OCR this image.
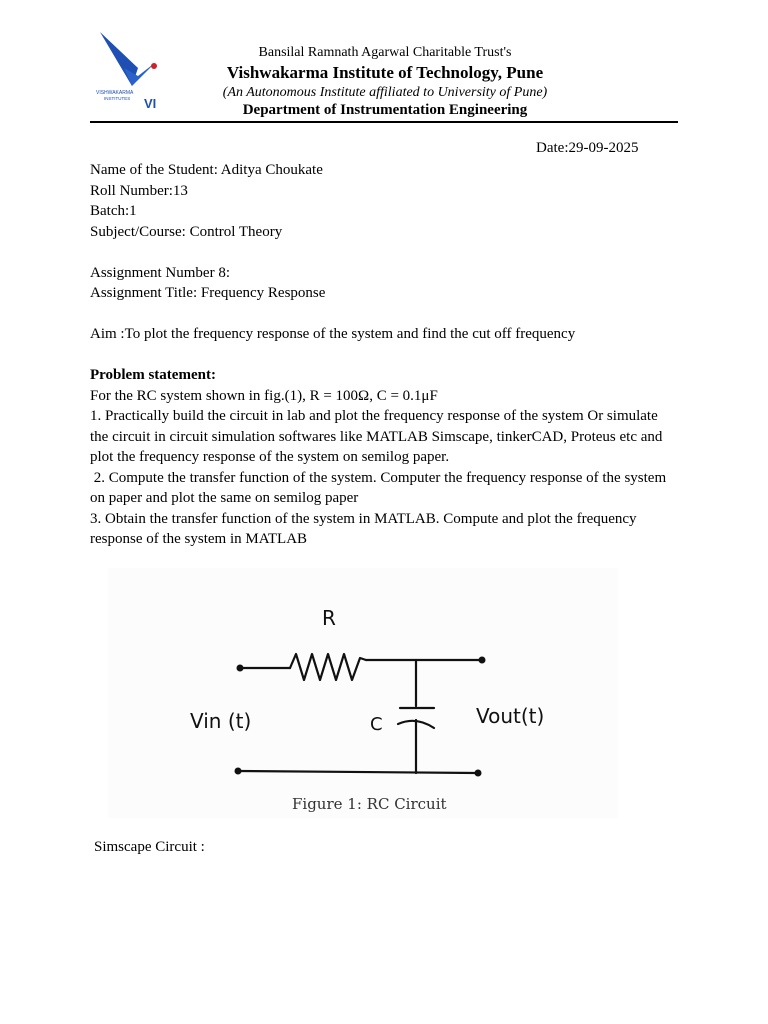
VISHWAKARMA
INSTITUTES VI
Bansilal Ramnath Agarwal Charitable Trust's
Vishwakarma Institute of Technology, Pune
(An Autonomous Institute affiliated to University of Pune)
Department of Instrumentation Engineering
Date:29-09-2025

Name of the Student: Aditya Choukate

Roll Number:13

Batch:1

Subject/Course: Control Theory

Assignment Number 8:

Assignment Title: Frequency Response

Aim :To plot the frequency response of the system and find the cut off frequency

Problem statement:

For the RC system shown in fig.(1), R = 100Ω, C = 0.1μF

1. Practically build the circuit in lab and plot the frequency response of the system Or simulate

the circuit in circuit simulation softwares like MATLAB Simscape, tinkerCAD, Proteus etc and

plot the frequency response of the system on semilog paper.

2. Compute the transfer function of the system. Computer the frequency response of the system

on paper and plot the same on semilog paper

3. Obtain the transfer function of the system in MATLAB. Compute and plot the frequency

response of the system in MATLAB

R
C
Vin (t)	Vout(t)
Figure 1: RC Circuit
Simscape Circuit :
